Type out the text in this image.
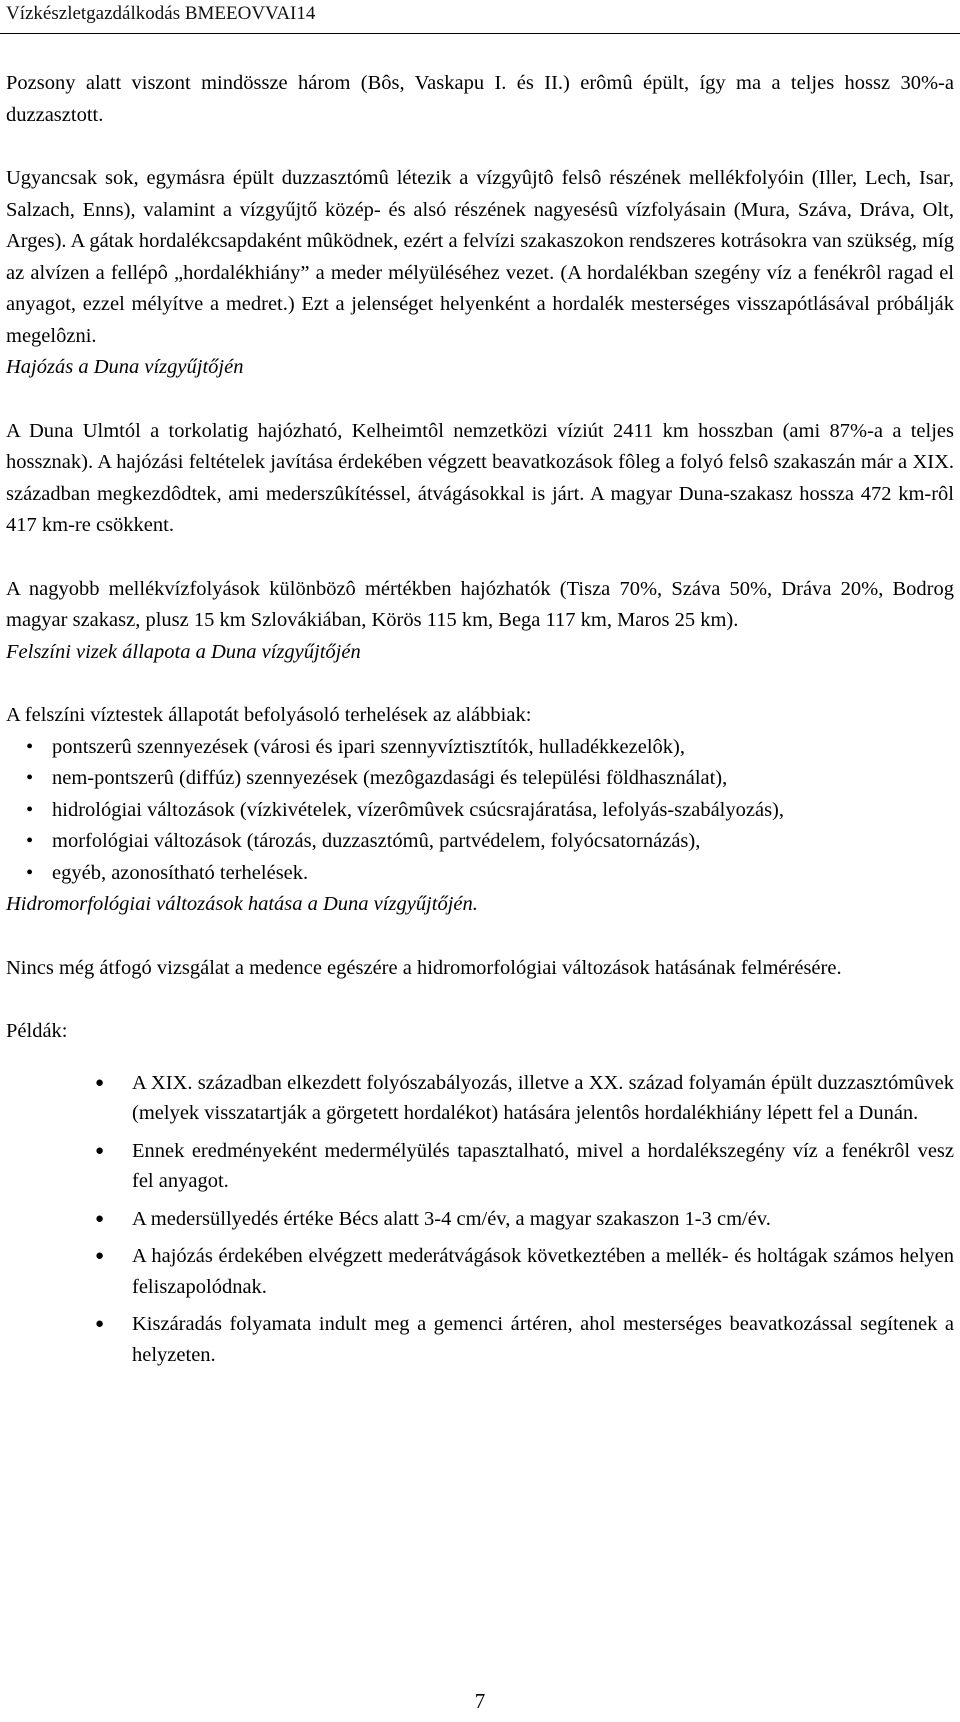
Vízkészletgazdálkodás BMEEOVVAI14

Pozsony alatt viszont mindössze három (Bôs, Vaskapu I. és II.) erômû épült, így ma a teljes hossz 30%-a duzzasztott.

Ugyancsak sok, egymásra épült duzzasztómû létezik a vízgyûjtô felsô részének mellékfolyóin (Iller, Lech, Isar, Salzach, Enns), valamint a vízgyűjtő közép- és alsó részének nagyesésû vízfolyásain (Mura, Száva, Dráva, Olt, Arges). A gátak hordalékcsapdaként mûködnek, ezért a felvízi szakaszokon rendszeres kotrásokra van szükség, míg az alvízen a fellépô „hordalékhiány” a meder mélyüléséhez vezet. (A hordalékban szegény víz a fenékrôl ragad el anyagot, ezzel mélyítve a medret.) Ezt a jelenséget helyenként a hordalék mesterséges visszapótlásával próbálják megelôzni.

Hajózás a Duna vízgyűjtőjén

A Duna Ulmtól a torkolatig hajózható, Kelheimtôl nemzetközi víziút 2411 km hosszban (ami 87%-a a teljes hossznak). A hajózási feltételek javítása érdekében végzett beavatkozások fôleg a folyó felsô szakaszán már a XIX. században megkezdôdtek, ami mederszûkítéssel, átvágásokkal is járt. A magyar Duna-szakasz hossza 472 km-rôl 417 km-re csökkent.

A nagyobb mellékvízfolyások különbözô mértékben hajózhatók (Tisza 70%, Száva 50%, Dráva 20%, Bodrog magyar szakasz, plusz 15 km Szlovákiában, Körös 115 km, Bega 117 km, Maros 25 km).

Felszíni vizek állapota a Duna vízgyűjtőjén

A felszíni víztestek állapotát befolyásoló terhelések az alábbiak:

• pontszerû szennyezések (városi és ipari szennyvíztisztítók, hulladékkezelôk),
• nem-pontszerû (diffúz) szennyezések (mezôgazdasági és települési földhasználat),
• hidrológiai változások (vízkivételek, vízerômûvek csúcsrajáratása, lefolyás-szabályozás),
• morfológiai változások (tározás, duzzasztómû, partvédelem, folyócsatornázás),
• egyéb, azonosítható terhelések.

Hidromorfológiai változások hatása a Duna vízgyűjtőjén.

Nincs még átfogó vizsgálat a medence egészére a hidromorfológiai változások hatásának felmérésére.

Példák:

● A XIX. században elkezdett folyószabályozás, illetve a XX. század folyamán épült duzzasztómûvek (melyek visszatartják a görgetett hordalékot) hatására jelentôs hordalékhiány lépett fel a Dunán.
● Ennek eredményeként medermélyülés tapasztalható, mivel a hordalékszegény víz a fenékrôl vesz fel anyagot.
● A medersüllyedés értéke Bécs alatt 3-4 cm/év, a magyar szakaszon 1-3 cm/év.
● A hajózás érdekében elvégzett mederátvágások következtében a mellék- és holtágak számos helyen feliszapolódnak.
● Kiszáradás folyamata indult meg a gemenci ártéren, ahol mesterséges beavatkozással segítenek a helyzeten.
7
